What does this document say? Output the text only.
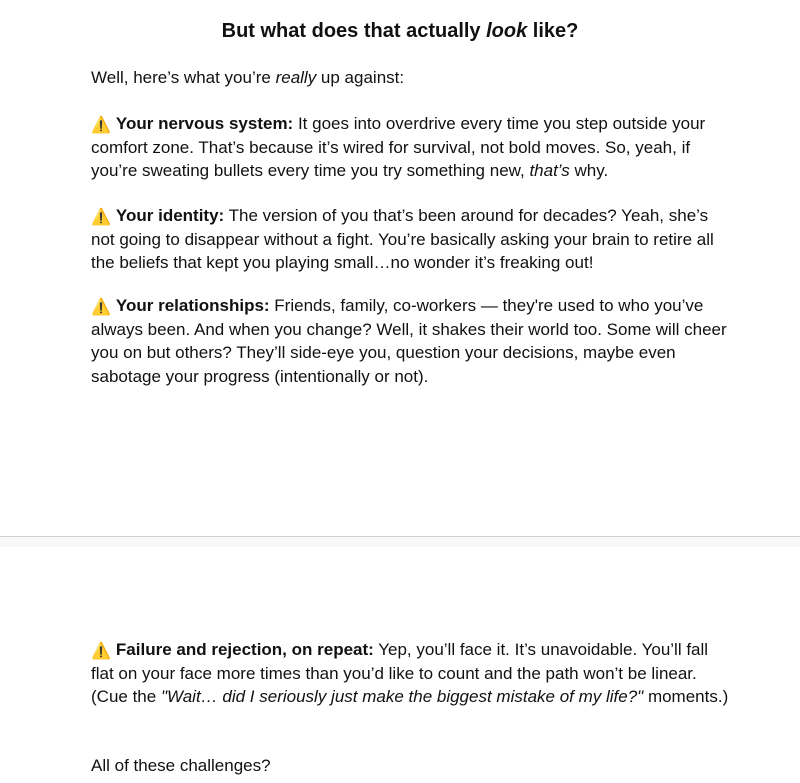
But what does that actually look like?

Well, here’s what you’re really up against:

⚠️ Your nervous system: It goes into overdrive every time you step outside your comfort zone. That’s because it’s wired for survival, not bold moves. So, yeah, if you’re sweating bullets every time you try something new, that’s why.

⚠️ Your identity: The version of you that’s been around for decades? Yeah, she’s not going to disappear without a fight. You’re basically asking your brain to retire all the beliefs that kept you playing small…no wonder it’s freaking out!

⚠️ Your relationships: Friends, family, co-workers — they're used to who you’ve always been. And when you change? Well, it shakes their world too. Some will cheer you on but others? They’ll side-eye you, question your decisions, maybe even sabotage your progress (intentionally or not).

⚠️ Failure and rejection, on repeat: Yep, you’ll face it. It’s unavoidable. You’ll fall flat on your face more times than you’d like to count and the path won’t be linear. (Cue the "Wait… did I seriously just make the biggest mistake of my life?" moments.)

All of these challenges?
